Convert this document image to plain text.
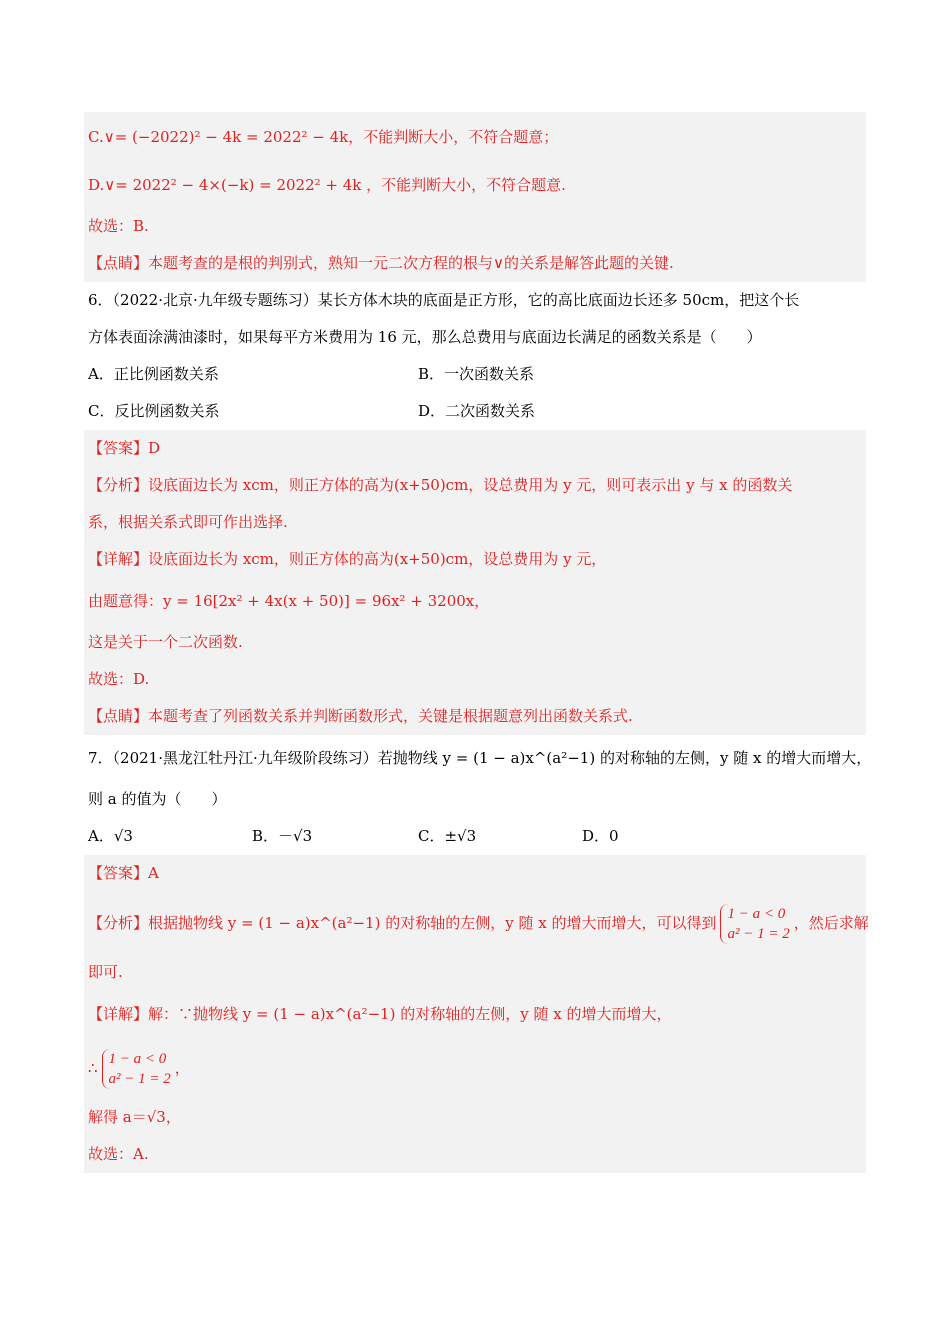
C.∨= (−2022)² − 4k = 2022² − 4k，不能判断大小，不符合题意；
D.∨= 2022² − 4×(−k) = 2022² + 4k ，不能判断大小，不符合题意.
故选：B.
【点睛】本题考查的是根的判别式，熟知一元二次方程的根与∨的关系是解答此题的关键.
6．（2022·北京·九年级专题练习）某长方体木块的底面是正方形，它的高比底面边长还多 50cm，把这个长
方体表面涂满油漆时，如果每平方米费用为 16 元，那么总费用与底面边长满足的函数关系是（　　）
A．正比例函数关系	B．一次函数关系
C．反比例函数关系	D．二次函数关系
【答案】D
【分析】设底面边长为 xcm，则正方体的高为(x+50)cm，设总费用为 y 元，则可表示出 y 与 x 的函数关
系，根据关系式即可作出选择.
【详解】设底面边长为 xcm，则正方体的高为(x+50)cm，设总费用为 y 元，
由题意得：y = 16[2x² + 4x(x + 50)] = 96x² + 3200x，
这是关于一个二次函数.
故选：D.
【点睛】本题考查了列函数关系并判断函数形式，关键是根据题意列出函数关系式.
7．（2021·黑龙江牡丹江·九年级阶段练习）若抛物线 y = (1 − a)x^(a²−1) 的对称轴的左侧，y 随 x 的增大而增大，
则 a 的值为（　　）
A．√3	B．－√3	C．±√3	D．0
【答案】A
【分析】根据抛物线 y = (1 − a)x^(a²−1) 的对称轴的左侧，y 随 x 的增大而增大，可以得到 1 − a < 0
a² − 1 = 2，然后求解
即可.
【详解】解：∵抛物线 y = (1 − a)x^(a²−1) 的对称轴的左侧，y 随 x 的增大而增大，
∴ 1 − a < 0
a² − 1 = 2，
解得 a＝√3，
故选：A.
